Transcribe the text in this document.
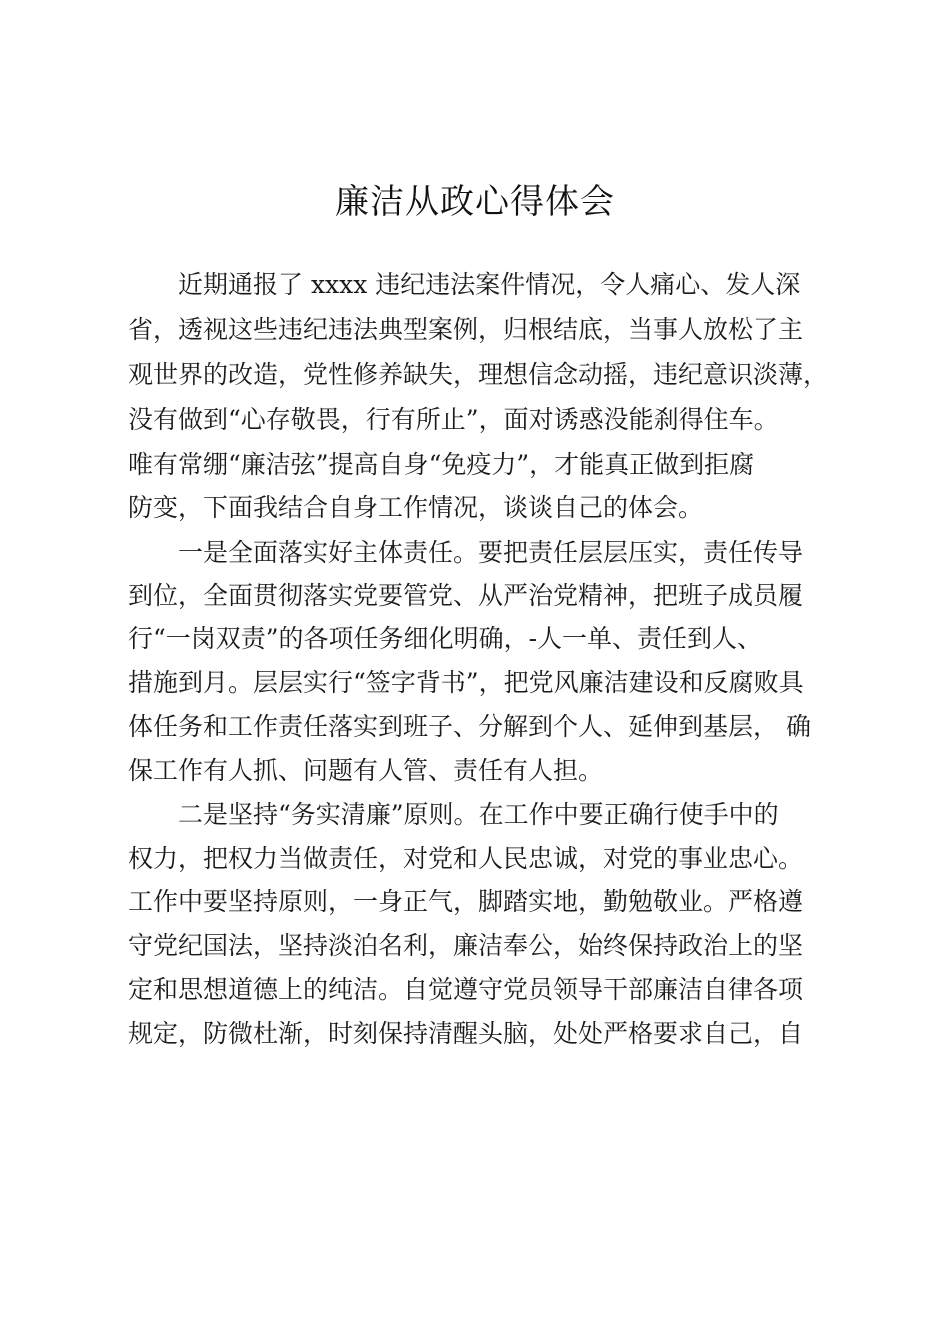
廉洁从政心得体会

近期通报了 xxxx 违纪违法案件情况，令人痛心、发人深

省，透视这些违纪违法典型案例，归根结底，当事人放松了主

观世界的改造，党性修养缺失，理想信念动摇，违纪意识淡薄，

没有做到“心存敬畏，行有所止”，面对诱惑没能刹得住车。

唯有常绷“廉洁弦”提高自身“免疫力”，才能真正做到拒腐

防变，下面我结合自身工作情况，谈谈自己的体会。

一是全面落实好主体责任。要把责任层层压实，责任传导

到位，全面贯彻落实党要管党、从严治党精神，把班子成员履

行“一岗双责”的各项任务细化明确，-人一单、责任到人、

措施到月。层层实行“签字背书”，把党风廉洁建设和反腐败具

体任务和工作责任落实到班子、分解到个人、延伸到基层， 确

保工作有人抓、问题有人管、责任有人担。

二是坚持“务实清廉”原则。在工作中要正确行使手中的

权力，把权力当做责任，对党和人民忠诚，对党的事业忠心。

工作中要坚持原则，一身正气，脚踏实地，勤勉敬业。严格遵

守党纪国法，坚持淡泊名利，廉洁奉公，始终保持政治上的坚

定和思想道德上的纯洁。自觉遵守党员领导干部廉洁自律各项

规定，防微杜渐，时刻保持清醒头脑，处处严格要求自己，自
